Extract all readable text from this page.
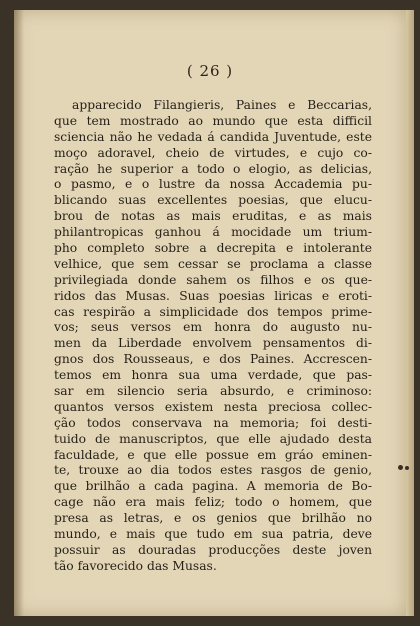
( 26 )
apparecido Filangieris, Paines e Beccarias,
que tem mostrado ao mundo que esta difficil
sciencia não he vedada á candida Juventude, este
moço adoravel, cheio de virtudes, e cujo co-
ração he superior a todo o elogio, as delicias,
o pasmo, e o lustre da nossa Accademia pu-
blicando suas excellentes poesias, que elucu-
brou de notas as mais eruditas, e as mais
philantropicas ganhou á mocidade um trium-
pho completo sobre a decrepita e intolerante
velhice, que sem cessar se proclama a classe
privilegiada donde sahem os filhos e os que-
ridos das Musas. Suas poesias liricas e eroti-
cas respirão a simplicidade dos tempos prime-
vos; seus versos em honra do augusto nu-
men da Liberdade envolvem pensamentos di-
gnos dos Rousseaus, e dos Paines. Accrescen-
temos em honra sua uma verdade, que pas-
sar em silencio seria absurdo, e criminoso:
quantos versos existem nesta preciosa collec-
ção todos conservava na memoria; foi desti-
tuido de manuscriptos, que elle ajudado desta
faculdade, e que elle possue em gráo eminen-
te, trouxe ao dia todos estes rasgos de genio,
que brilhão a cada pagina. A memoria de Bo-
cage não era mais feliz; todo o homem, que
presa as letras, e os genios que brilhão no
mundo, e mais que tudo em sua patria, deve
possuir as douradas producções deste joven
tão favorecido das Musas.
